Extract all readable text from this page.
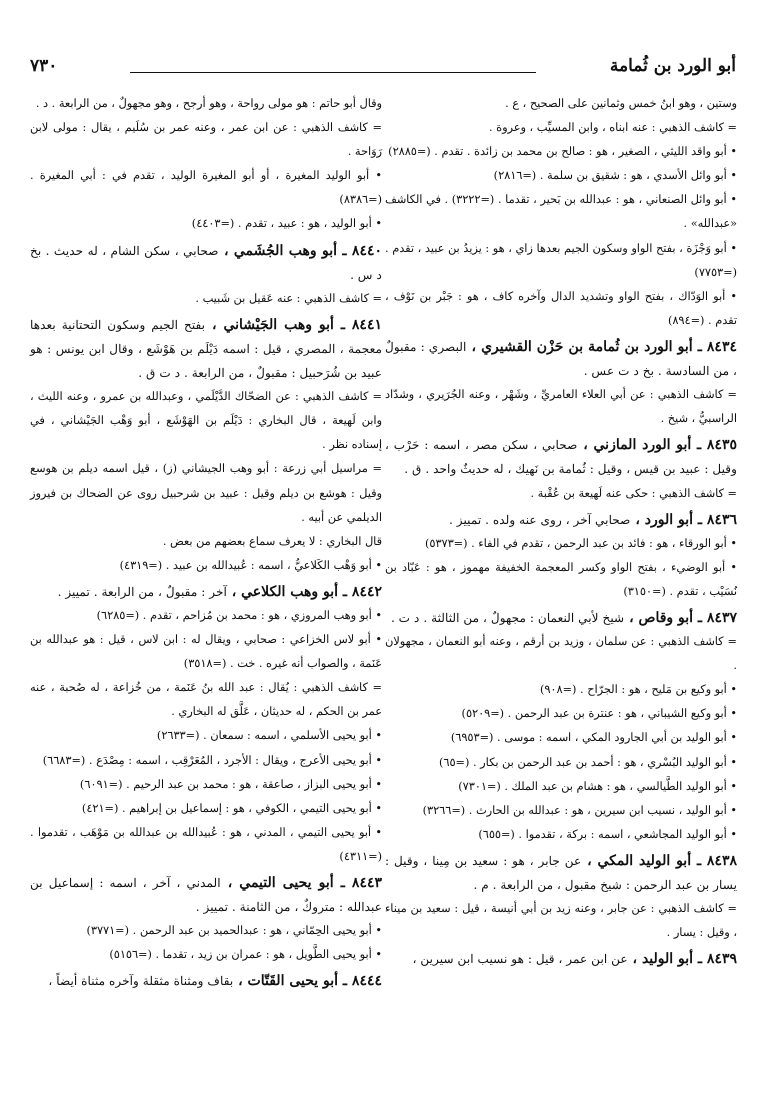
أبو الورد بن ثُمامة
٧٣٠

وستين ، وهو ابنُ خمس وثمانين على الصحيح ، ع .

= كاشف الذهبي : عنه ابناه ، وابن المسيِّب ، وعروة .

• أبو واقد الليثي ، الصغير ، هو : صالح بن محمد بن زائدة . تقدم . (=٢٨٨٥)

• أبو وائل الأسدي ، هو : شقيق بن سلمة . (=٢٨١٦)

• أبو وائل الصنعاني ، هو : عبدالله بن بَحير ، تقدما . (=٣٢٢٢) . في الكاشف «عبدالله» .

• أبو وَجْزَة ، بفتح الواو وسكون الجيم بعدها زاي ، هو : يزيدُ بن عبيد ، تقدم . (=٧٧٥٣)

• أبو الوَدّاك ، بفتح الواو وتشديد الدال وآخره كاف ، هو : جَبْر بن نَوْف ، تقدم . (=٨٩٤)

٨٤٣٤ ـ أبو الورد بن ثُمامة بن حَزْن القشيري ، البصري : مقبولٌ ، من السادسة . بخ د ت عس .

= كاشف الذهبي : عن أبي العلاء العامريِّ ، وشَهْر ، وعنه الجُرَيري ، وشدّاد الراسبيُّ ، شيخ .

٨٤٣٥ ـ أبو الورد المازني ، صحابي ، سكن مصر ، اسمه : حَرْب ، وقيل : عبيد بن قيس ، وقيل : ثُمامة بن نَهيك ، له حديثٌ واحد . ق .

= كاشف الذهبي : حكى عنه لَهيعة بن عُقْبة .

٨٤٣٦ ـ أبو الورد ، صحابي آخر ، روى عنه ولده . تمييز .

• أبو الورقاء ، هو : فائد بن عبد الرحمن ، تقدم في الفاء . (=٥٣٧٣)

• أبو الوضيء ، بفتح الواو وكسر المعجمة الخفيفة مهموز ، هو : عَبّاد بن نُسَيْب ، تقدم . (=٣١٥٠)

٨٤٣٧ ـ أبو وقاص ، شيخ لأبي النعمان : مجهولٌ ، من الثالثة . د ت .

= كاشف الذهبي : عن سلمان ، وزيد بن أرقم ، وعنه أبو النعمان ، مجهولان .

• أبو وكيع بن مَليح ، هو : الجرّاح . (=٩٠٨)

• أبو وكيع الشيباني ، هو : عنترة بن عبد الرحمن . (=٥٢٠٩)

• أبو الوليد بن أبي الجارود المكي ، اسمه : موسى . (=٦٩٥٣)

• أبو الوليد البُسْري ، هو : أحمد بن عبد الرحمن بن بكار . (=٦٥)

• أبو الوليد الطَّيالسي ، هو : هشام بن عبد الملك . (=٧٣٠١)

• أبو الوليد ، نسيب ابن سيرين ، هو : عبدالله بن الحارث . (=٣٢٦٦)

• أبو الوليد المجاشعي ، اسمه : بركة ، تقدموا . (=٦٥٥)

٨٤٣٨ ـ أبو الوليد المكي ، عن جابر ، هو : سعيد بن مِينا ، وقيل : يسار بن عبد الرحمن : شيخ مقبول ، من الرابعة . م .

= كاشف الذهبي : عن جابر ، وعنه زيد بن أبي أنيسة ، قيل : سعيد بن ميناء ، وقيل : يسار .

٨٤٣٩ ـ أبو الوليد ، عن ابن عمر ، قيل : هو نسيب ابن سيرين ،

وقال أبو حاتم : هو مولى رواحة ، وهو أرجح ، وهو مجهولٌ ، من الرابعة . د .

= كاشف الذهبي : عن ابن عمر ، وعنه عمر بن سُلَيم ، يقال : مولى لابن رَوَاحة .

• أبو الوليد المغيرة ، أو أبو المغيرة الوليد ، تقدم في : أبي المغيرة . (=٨٣٨٦)

• أبو الوليد ، هو : عبيد ، تقدم . (=٤٤٠٣)

٨٤٤٠ ـ أبو وهب الجُشَمي ، صحابي ، سكن الشام ، له حديث . بخ د س .

= كاشف الذهبي : عنه عَقيل بن شَبيب .

٨٤٤١ ـ أبو وهب الجَيْشاني ، بفتح الجيم وسكون التحتانية بعدها معجمة ، المصري ، قيل : اسمه دَيْلَم بن هَوْشَع ، وقال ابن يونس : هو عبيد بن شُرَحبيل : مقبولٌ ، من الرابعة . د ت ق .

= كاشف الذهبي : عن الضحّاك الدَّيْلَمي ، وعبدالله بن عمرو ، وعنه الليث ، وابن لَهيعة ، قال البخاري : دَيْلَم بن الهَوْشَع ، أبو وَهْب الجَيْشاني ، في إسناده نظر .

= مراسيل أبي زرعة : أبو وهب الجيشاني (ز) ، قيل اسمه ديلم بن هوسع وقيل : هوشع بن ديلم وقيل : عبيد بن شرحبيل روى عن الضحاك بن فيروز الديلمي عن أبيه .

قال البخاري : لا يعرف سماع بعضهم من بعض .

• أبو وَهْب الكَلاعيُّ ، اسمه : عُبيدالله بن عبيد . (=٤٣١٩)

٨٤٤٢ ـ أبو وهب الكلاعي ، آخر : مقبولٌ ، من الرابعة . تمييز .

• أبو وهب المروزي ، هو : محمد بن مُزاحم ، تقدم . (=٦٢٨٥)

• أبو لاس الخزاعي : صحابي ، ويقال له : ابن لاس ، قيل : هو عبدالله بن عَنَمة ، والصواب أنه غيره . خت . (=٣٥١٨)

= كاشف الذهبي : يُقال : عبد الله بنُ عَنَمة ، من خُزاعة ، له صُحبة ، عنه عمر بن الحكم ، له حديثان ، عَلَّق له البخاري .

• أبو يحيى الأسلمي ، اسمه : سمعان . (=٢٦٣٣)

• أبو يحيى الأعرج ، ويقال : الأجرد ، المُعَرْقِب ، اسمه : مِصْدَع . (=٦٦٨٣)

• أبو يحيى البزاز ، صاعقة ، هو : محمد بن عبد الرحيم . (=٦٠٩١)

• أبو يحيى التيمي ، الكوفي ، هو : إسماعيل بن إبراهيم . (=٤٢١)

• أبو يحيى التيمي ، المدني ، هو : عُبيدالله بن عبدالله بن مَوْهَب ، تقدموا . (=٤٣١١)

٨٤٤٣ ـ أبو يحيى التيمي ، المدني ، آخر ، اسمه : إسماعيل بن عبدالله : متروكٌ ، من الثامنة . تمييز .

• أبو يحيى الحِمّاني ، هو : عبدالحميد بن عبد الرحمن . (=٣٧٧١)

• أبو يحيى الطَّويل ، هو : عمران بن زيد ، تقدما . (=٥١٥٦)

٨٤٤٤ ـ أبو يحيى القَتّات ، بقاف ومثناة مثقلة وآخره مثناة أيضاً ،
